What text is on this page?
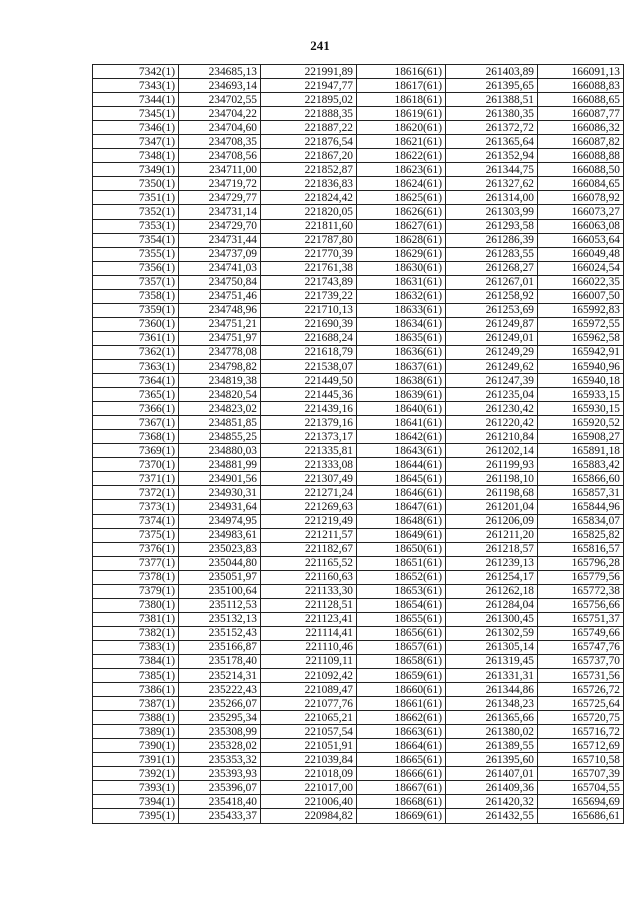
241
7342(1)	234685,13	221991,89	18616(61)	261403,89	166091,13
7343(1)	234693,14	221947,77	18617(61)	261395,65	166088,83
7344(1)	234702,55	221895,02	18618(61)	261388,51	166088,65
7345(1)	234704,22	221888,35	18619(61)	261380,35	166087,77
7346(1)	234704,60	221887,22	18620(61)	261372,72	166086,32
7347(1)	234708,35	221876,54	18621(61)	261365,64	166087,82
7348(1)	234708,56	221867,20	18622(61)	261352,94	166088,88
7349(1)	234711,00	221852,87	18623(61)	261344,75	166088,50
7350(1)	234719,72	221836,83	18624(61)	261327,62	166084,65
7351(1)	234729,77	221824,42	18625(61)	261314,00	166078,92
7352(1)	234731,14	221820,05	18626(61)	261303,99	166073,27
7353(1)	234729,70	221811,60	18627(61)	261293,58	166063,08
7354(1)	234731,44	221787,80	18628(61)	261286,39	166053,64
7355(1)	234737,09	221770,39	18629(61)	261283,55	166049,48
7356(1)	234741,03	221761,38	18630(61)	261268,27	166024,54
7357(1)	234750,84	221743,89	18631(61)	261267,01	166022,35
7358(1)	234751,46	221739,22	18632(61)	261258,92	166007,50
7359(1)	234748,96	221710,13	18633(61)	261253,69	165992,83
7360(1)	234751,21	221690,39	18634(61)	261249,87	165972,55
7361(1)	234751,97	221688,24	18635(61)	261249,01	165962,58
7362(1)	234778,08	221618,79	18636(61)	261249,29	165942,91
7363(1)	234798,82	221538,07	18637(61)	261249,62	165940,96
7364(1)	234819,38	221449,50	18638(61)	261247,39	165940,18
7365(1)	234820,54	221445,36	18639(61)	261235,04	165933,15
7366(1)	234823,02	221439,16	18640(61)	261230,42	165930,15
7367(1)	234851,85	221379,16	18641(61)	261220,42	165920,52
7368(1)	234855,25	221373,17	18642(61)	261210,84	165908,27
7369(1)	234880,03	221335,81	18643(61)	261202,14	165891,18
7370(1)	234881,99	221333,08	18644(61)	261199,93	165883,42
7371(1)	234901,56	221307,49	18645(61)	261198,10	165866,60
7372(1)	234930,31	221271,24	18646(61)	261198,68	165857,31
7373(1)	234931,64	221269,63	18647(61)	261201,04	165844,96
7374(1)	234974,95	221219,49	18648(61)	261206,09	165834,07
7375(1)	234983,61	221211,57	18649(61)	261211,20	165825,82
7376(1)	235023,83	221182,67	18650(61)	261218,57	165816,57
7377(1)	235044,80	221165,52	18651(61)	261239,13	165796,28
7378(1)	235051,97	221160,63	18652(61)	261254,17	165779,56
7379(1)	235100,64	221133,30	18653(61)	261262,18	165772,38
7380(1)	235112,53	221128,51	18654(61)	261284,04	165756,66
7381(1)	235132,13	221123,41	18655(61)	261300,45	165751,37
7382(1)	235152,43	221114,41	18656(61)	261302,59	165749,66
7383(1)	235166,87	221110,46	18657(61)	261305,14	165747,76
7384(1)	235178,40	221109,11	18658(61)	261319,45	165737,70
7385(1)	235214,31	221092,42	18659(61)	261331,31	165731,56
7386(1)	235222,43	221089,47	18660(61)	261344,86	165726,72
7387(1)	235266,07	221077,76	18661(61)	261348,23	165725,64
7388(1)	235295,34	221065,21	18662(61)	261365,66	165720,75
7389(1)	235308,99	221057,54	18663(61)	261380,02	165716,72
7390(1)	235328,02	221051,91	18664(61)	261389,55	165712,69
7391(1)	235353,32	221039,84	18665(61)	261395,60	165710,58
7392(1)	235393,93	221018,09	18666(61)	261407,01	165707,39
7393(1)	235396,07	221017,00	18667(61)	261409,36	165704,55
7394(1)	235418,40	221006,40	18668(61)	261420,32	165694,69
7395(1)	235433,37	220984,82	18669(61)	261432,55	165686,61
